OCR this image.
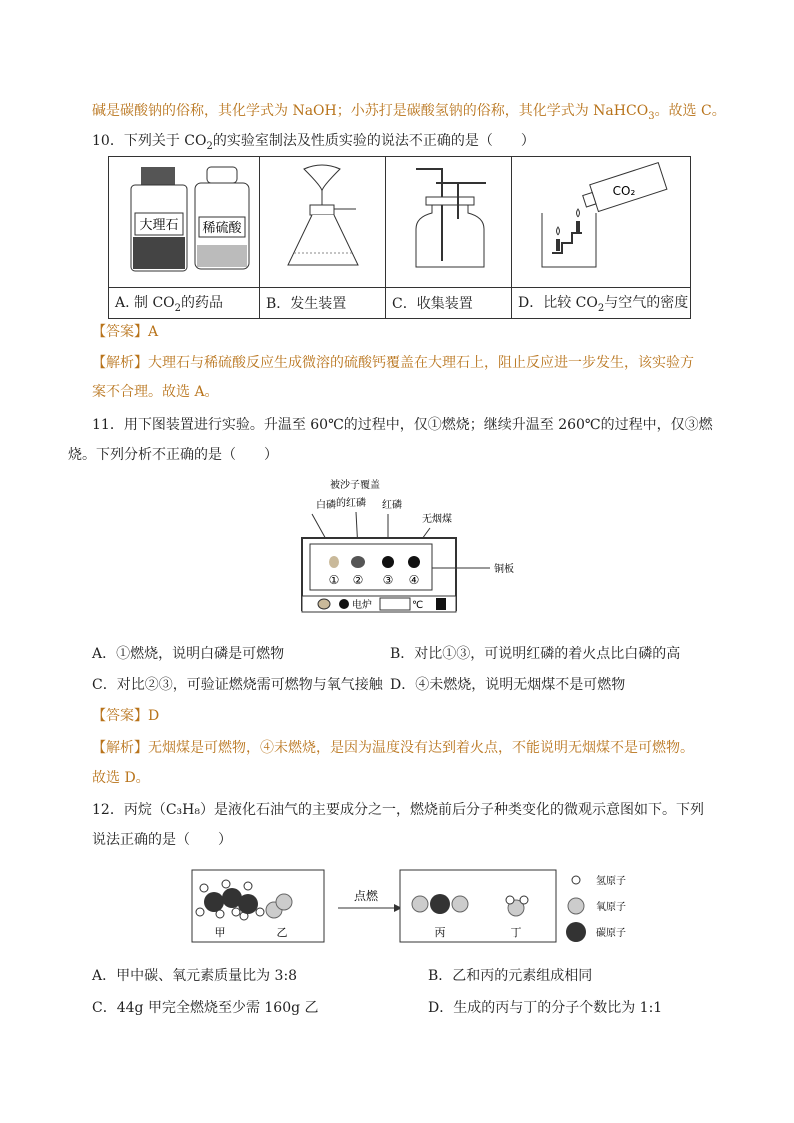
碱是碳酸钠的俗称，其化学式为 NaOH；小苏打是碳酸氢钠的俗称，其化学式为 NaHCO$_3$。故选 C。
10．下列关于 $CO_2$的实验室制法及性质实验的说法不正确的是（　　）
大理石 稀硫酸			CO₂

A. 制 $CO_2$的药品	B．发生装置	C．收集装置	D．比较 $CO_2$与空气的密度
【答案】A
【解析】大理石与稀硫酸反应生成微溶的硫酸钙覆盖在大理石上，阻止反应进一步发生，该实验方
案不合理。故选 A。
11．用下图装置进行实验。升温至 60℃的过程中，仅①燃烧；继续升温至 260℃的过程中，仅③燃
烧。下列分析不正确的是（　　）
白磷
被沙子覆盖
的红磷 红磷
无烟煤
铜板
① ② ③ ④
电炉	℃
A．①燃烧，说明白磷是可燃物	B．对比①③，可说明红磷的着火点比白磷的高
C．对比②③，可验证燃烧需可燃物与氧气接触 D．④未燃烧，说明无烟煤不是可燃物
【答案】D
【解析】无烟煤是可燃物，④未燃烧，是因为温度没有达到着火点，不能说明无烟煤不是可燃物。
故选 D。
12．丙烷（C₃H₈）是液化石油气的主要成分之一，燃烧前后分子种类变化的微观示意图如下。下列
说法正确的是（　　）
甲	乙
点燃
丙	丁
氢原子
氧原子
碳原子
A．甲中碳、氧元素质量比为 3:8	B．乙和丙的元素组成相同
C．44g 甲完全燃烧至少需 160g 乙	D．生成的丙与丁的分子个数比为 1:1
